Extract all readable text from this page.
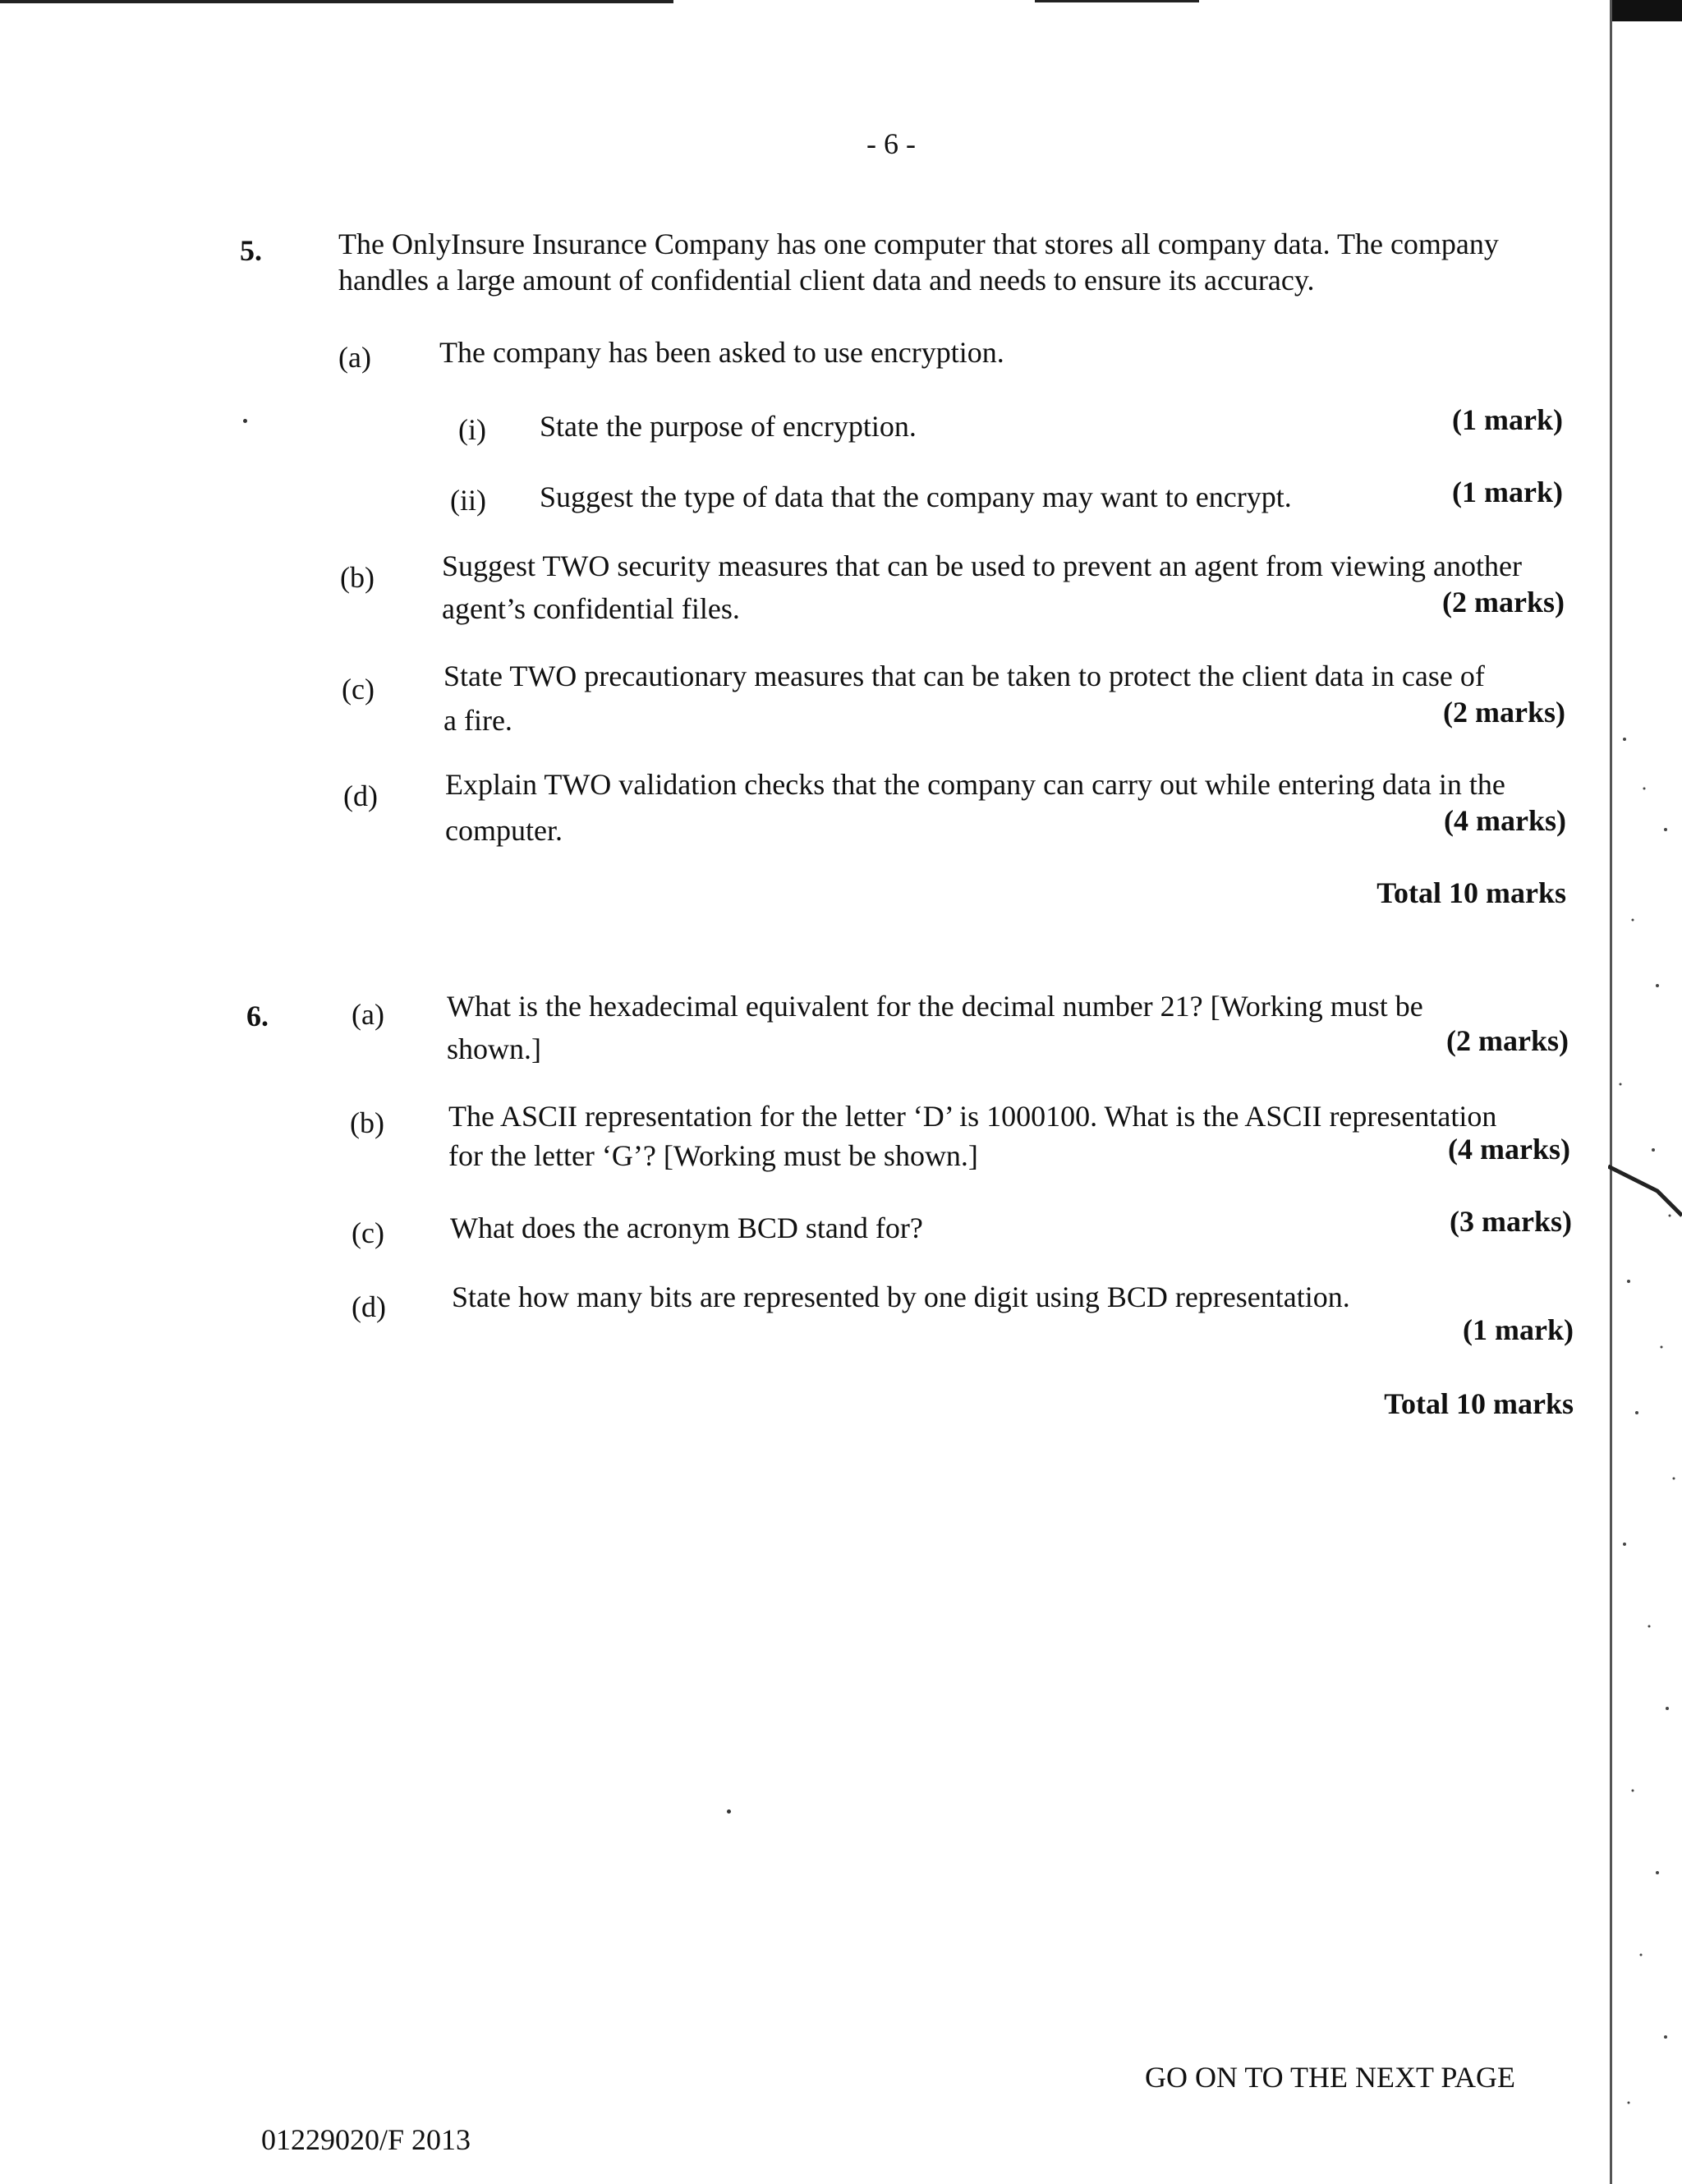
- 6 -
5.	The OnlyInsure Insurance Company has one computer that stores all company data. The company
handles a large amount of confidential client data and needs to ensure its accuracy.
(a) The company has been asked to use encryption.
(i) State the purpose of encryption.	(1 mark)
(ii) Suggest the type of data that the company may want to encrypt.	(1 mark)
(b) Suggest TWO security measures that can be used to prevent an agent from viewing another
agent’s confidential files.	(2 marks)
(c) State TWO precautionary measures that can be taken to protect the client data in case of
a fire.	(2 marks)
(d) Explain TWO validation checks that the company can carry out while entering data in the
computer.	(4 marks)
Total 10 marks
6.	(a) What is the hexadecimal equivalent for the decimal number 21? [Working must be
shown.]	(2 marks)
(b) The ASCII representation for the letter ‘D’ is 1000100. What is the ASCII representation
for the letter ‘G’? [Working must be shown.]	(4 marks)
(c) What does the acronym BCD stand for?	(3 marks)
(d) State how many bits are represented by one digit using BCD representation.
(1 mark)
Total 10 marks
GO ON TO THE NEXT PAGE
01229020/F 2013
